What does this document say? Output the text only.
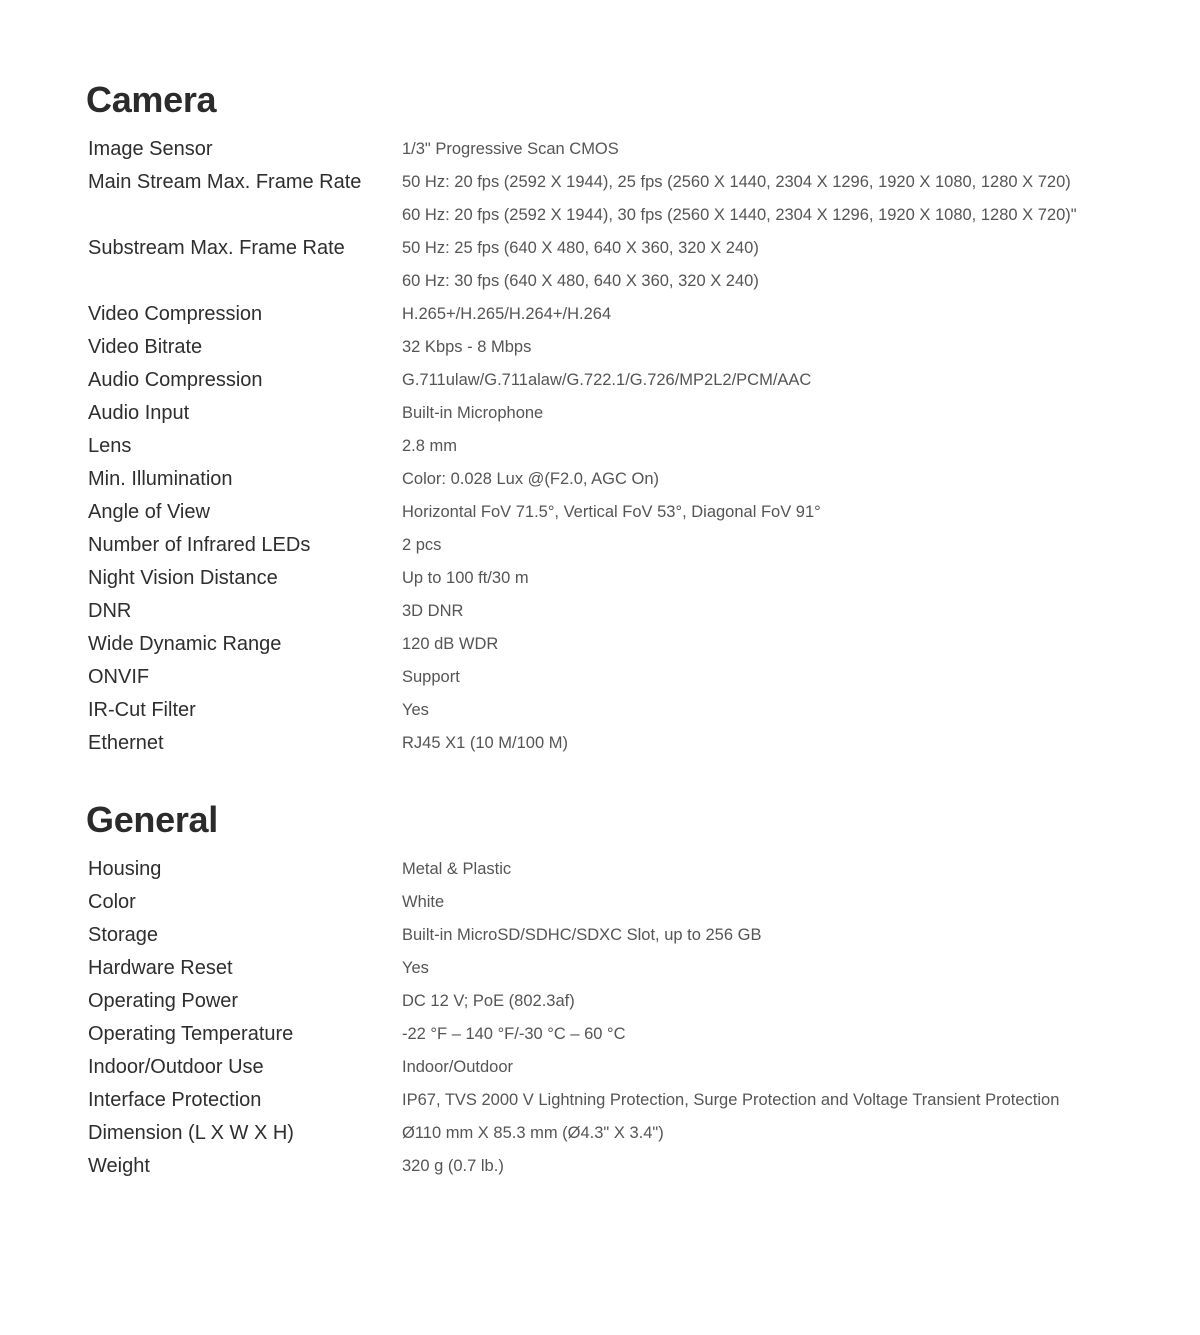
Camera
Image Sensor	1/3" Progressive Scan CMOS
Main Stream Max. Frame Rate	50 Hz: 20 fps (2592 X 1944), 25 fps (2560 X 1440, 2304 X 1296, 1920 X 1080, 1280 X 720)
60 Hz: 20 fps (2592 X 1944), 30 fps (2560 X 1440, 2304 X 1296, 1920 X 1080, 1280 X 720)"
Substream Max. Frame Rate	50 Hz: 25 fps (640 X 480, 640 X 360, 320 X 240)
60 Hz: 30 fps (640 X 480, 640 X 360, 320 X 240)
Video Compression	H.265+/H.265/H.264+/H.264
Video Bitrate	32 Kbps - 8 Mbps
Audio Compression	G.711ulaw/G.711alaw/G.722.1/G.726/MP2L2/PCM/AAC
Audio Input	Built-in Microphone
Lens	2.8 mm
Min. Illumination	Color: 0.028 Lux @(F2.0, AGC On)
Angle of View	Horizontal FoV 71.5°, Vertical FoV 53°, Diagonal FoV 91°
Number of Infrared LEDs	2 pcs
Night Vision Distance	Up to 100 ft/30 m
DNR	3D DNR
Wide Dynamic Range	120 dB WDR
ONVIF	Support
IR-Cut Filter	Yes
Ethernet	RJ45 X1 (10 M/100 M)
General
Housing	Metal & Plastic
Color	White
Storage	Built-in MicroSD/SDHC/SDXC Slot, up to 256 GB
Hardware Reset	Yes
Operating Power	DC 12 V; PoE (802.3af)
Operating Temperature	-22 °F – 140 °F/-30 °C – 60 °C
Indoor/Outdoor Use	Indoor/Outdoor
Interface Protection	IP67, TVS 2000 V Lightning Protection, Surge Protection and Voltage Transient Protection
Dimension (L X W X H)	Ø110 mm X 85.3 mm (Ø4.3" X 3.4")
Weight	320 g (0.7 lb.)
